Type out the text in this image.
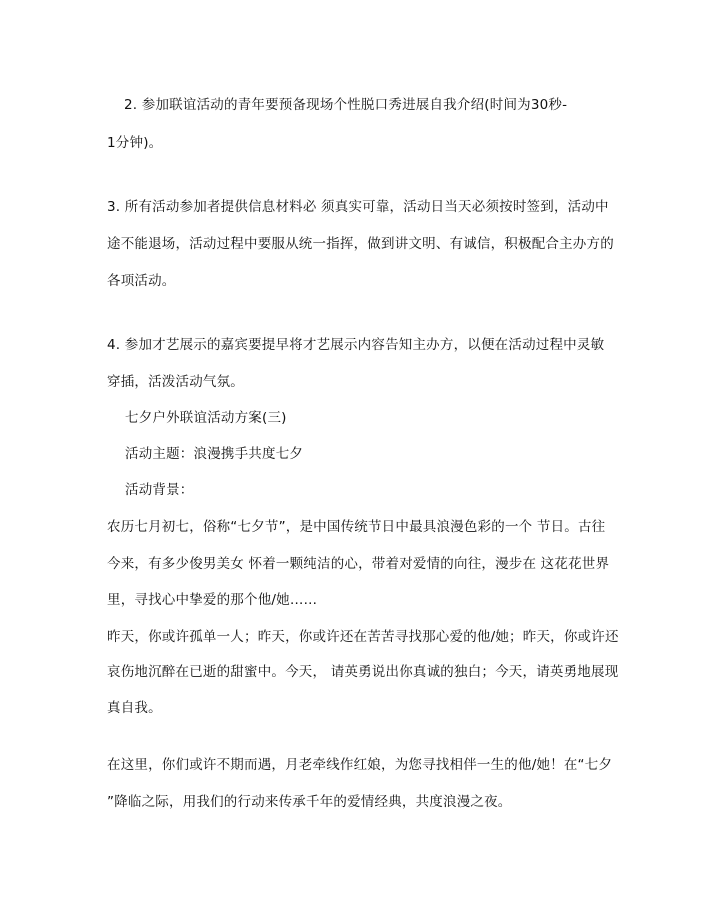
2. 参加联谊活动的青年要预备现场个性脱口秀进展自我介绍(时间为30秒-
1分钟)。
3. 所有活动参加者提供信息材料必 须真实可靠，活动日当天必须按时签到，活动中
途不能退场，活动过程中要服从统一指挥，做到讲文明、有诚信，积极配合主办方的
各项活动。
4. 参加才艺展示的嘉宾要提早将才艺展示内容告知主办方，以便在活动过程中灵敏
穿插，活泼活动气氛。
七夕户外联谊活动方案(三)
活动主题：浪漫携手共度七夕
活动背景：
农历七月初七，俗称“七夕节”，是中国传统节日中最具浪漫色彩的一个 节日。古往
今来，有多少俊男美女 怀着一颗纯洁的心，带着对爱情的向往，漫步在 这花花世界
里，寻找心中挚爱的那个他/她……
昨天，你或许孤单一人；昨天，你或许还在苦苦寻找那心爱的他/她；昨天，你或许还
哀伤地沉醉在已逝的甜蜜中。今天， 请英勇说出你真诚的独白；今天，请英勇地展现
真自我。
在这里，你们或许不期而遇，月老牵线作红娘，为您寻找相伴一生的他/她！在“七夕
”降临之际，用我们的行动来传承千年的爱情经典，共度浪漫之夜。
